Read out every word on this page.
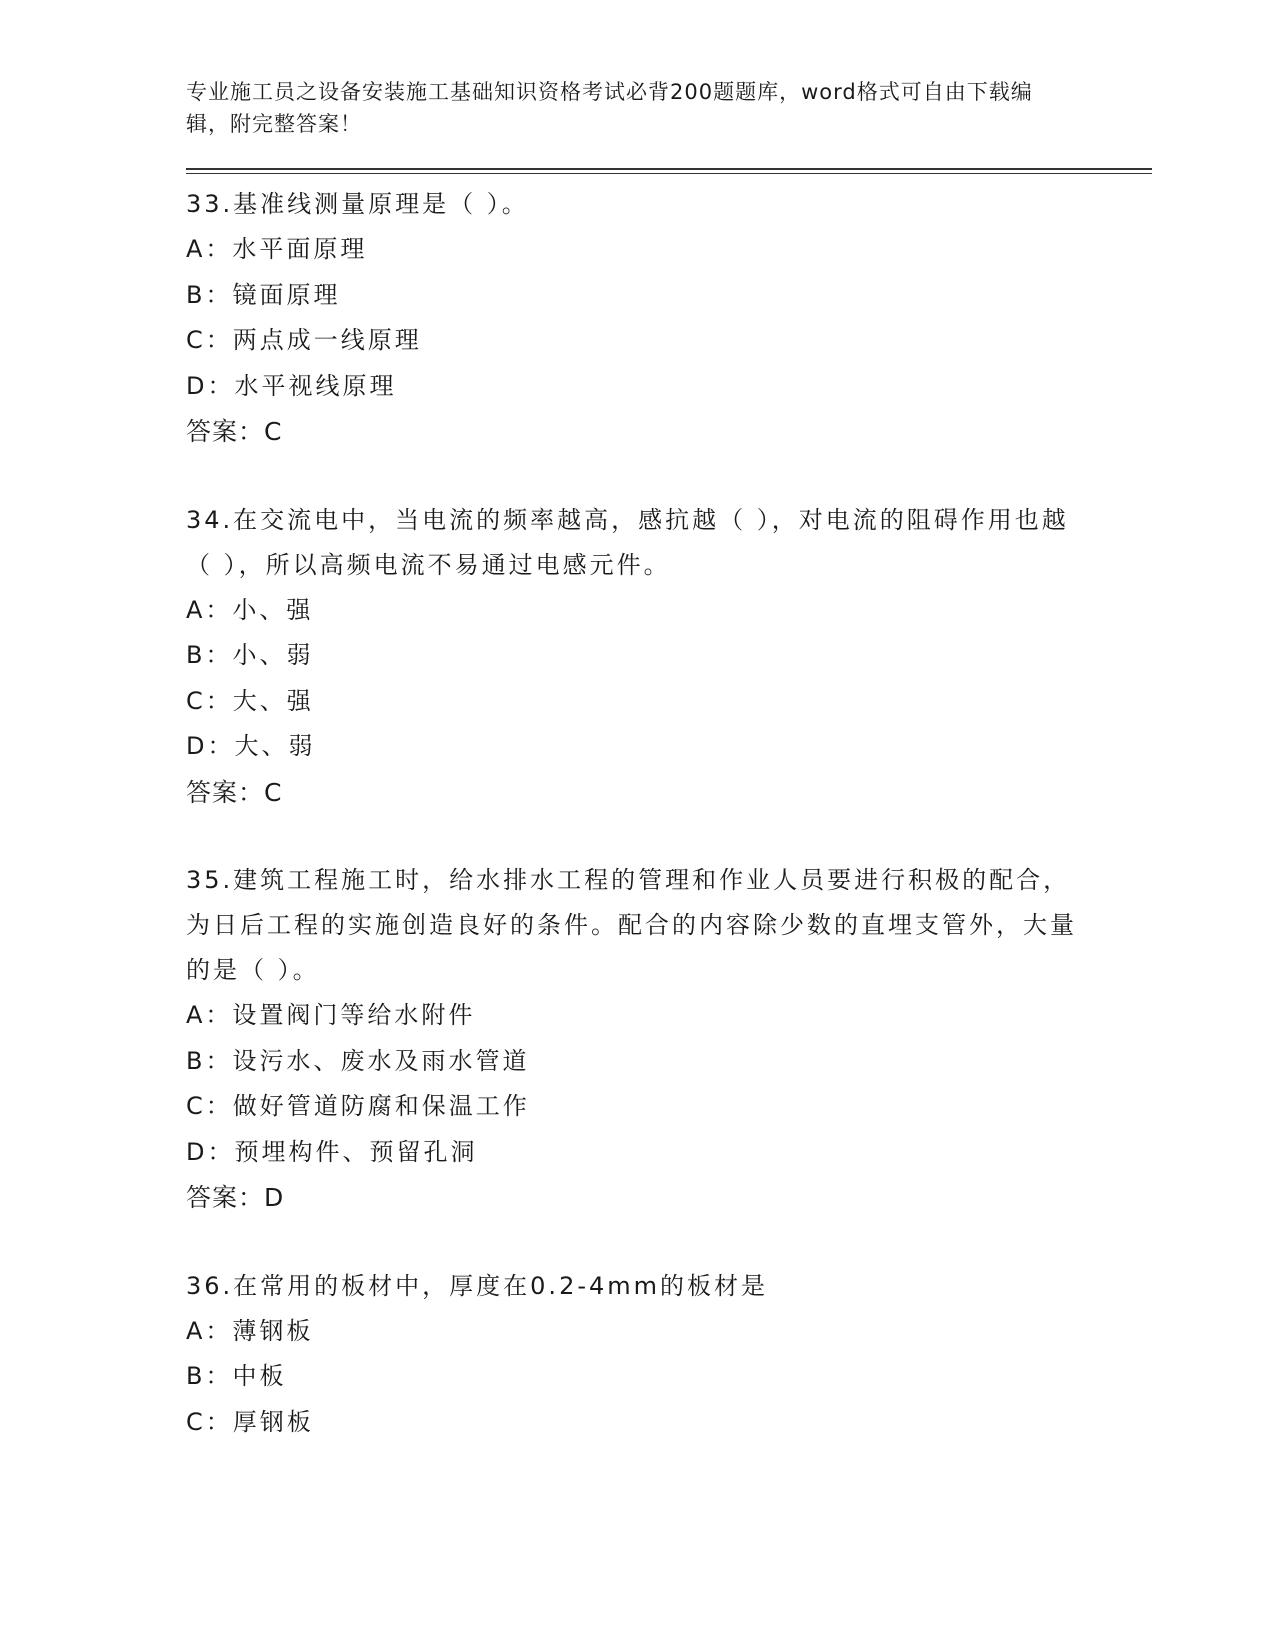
专业施工员之设备安装施工基础知识资格考试必背200题题库，word格式可自由下载编辑，附完整答案！
33.基准线测量原理是（ ）。
A：水平面原理
B：镜面原理
C：两点成一线原理
D：水平视线原理
答案：C
34.在交流电中，当电流的频率越高，感抗越（ ），对电流的阻碍作用也越（ ），所以高频电流不易通过电感元件。
A：小、强
B：小、弱
C：大、强
D：大、弱
答案：C
35.建筑工程施工时，给水排水工程的管理和作业人员要进行积极的配合，为日后工程的实施创造良好的条件。配合的内容除少数的直埋支管外，大量的是（ ）。
A：设置阀门等给水附件
B：设污水、废水及雨水管道
C：做好管道防腐和保温工作
D：预埋构件、预留孔洞
答案：D
36.在常用的板材中，厚度在0.2-4mm的板材是
A：薄钢板
B：中板
C：厚钢板
